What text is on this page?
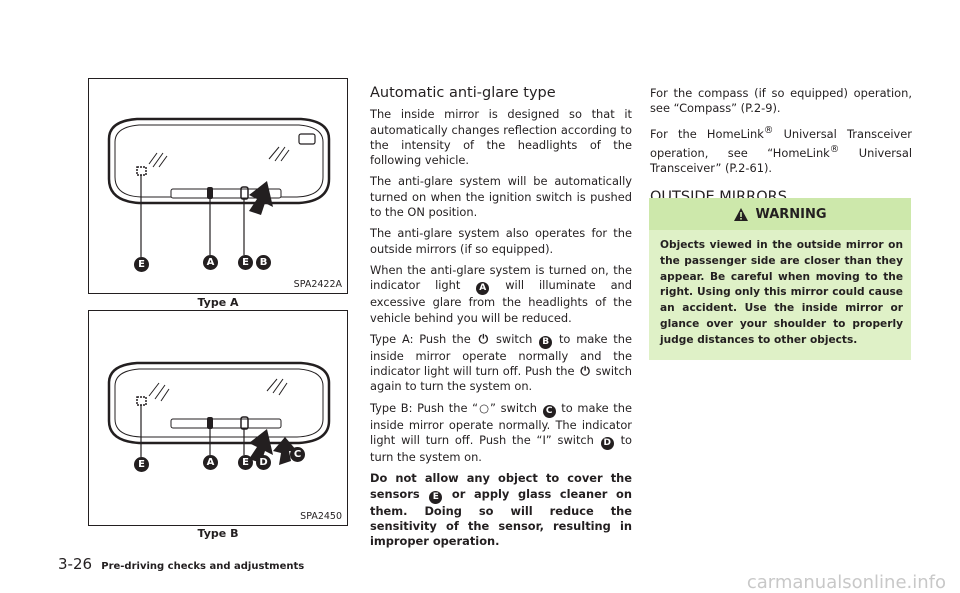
E	A	E	B
SPA2422A
Type A
E	A	E	D
C
SPA2450
Type B
Automatic anti-glare type

The inside mirror is designed so that it automatically changes reflection according to the intensity of the headlights of the following vehicle.

The anti-glare system will be automatically turned on when the ignition switch is pushed to the ON position.

The anti-glare system also operates for the outside mirrors (if so equipped).

When the anti-glare system is turned on, the indicator light A will illuminate and excessive glare from the headlights of the vehicle behind you will be reduced.

Type A: Push the ⏻ switch B to make the inside mirror operate normally and the indicator light will turn off. Push the ⏻ switch again to turn the system on.

Type B: Push the “○” switch C to make the inside mirror operate normally. The indicator light will turn off. Push the “I” switch D to turn the system on.

Do not allow any object to cover the sensors E or apply glass cleaner on them. Doing so will reduce the sensitivity of the sensor, resulting in improper operation.

For the compass (if so equipped) operation, see “Compass” (P.2-9).

For the HomeLink® Universal Transceiver operation, see “HomeLink® Universal Transceiver” (P.2-61).

WARNING
Objects viewed in the outside mirror on the passenger side are closer than they appear. Be careful when moving to the right. Using only this mirror could cause an accident. Use the inside mirror or glance over your shoulder to properly judge distances to other objects.
3-26 Pre-driving checks and adjustments
carmanualsonline.info
